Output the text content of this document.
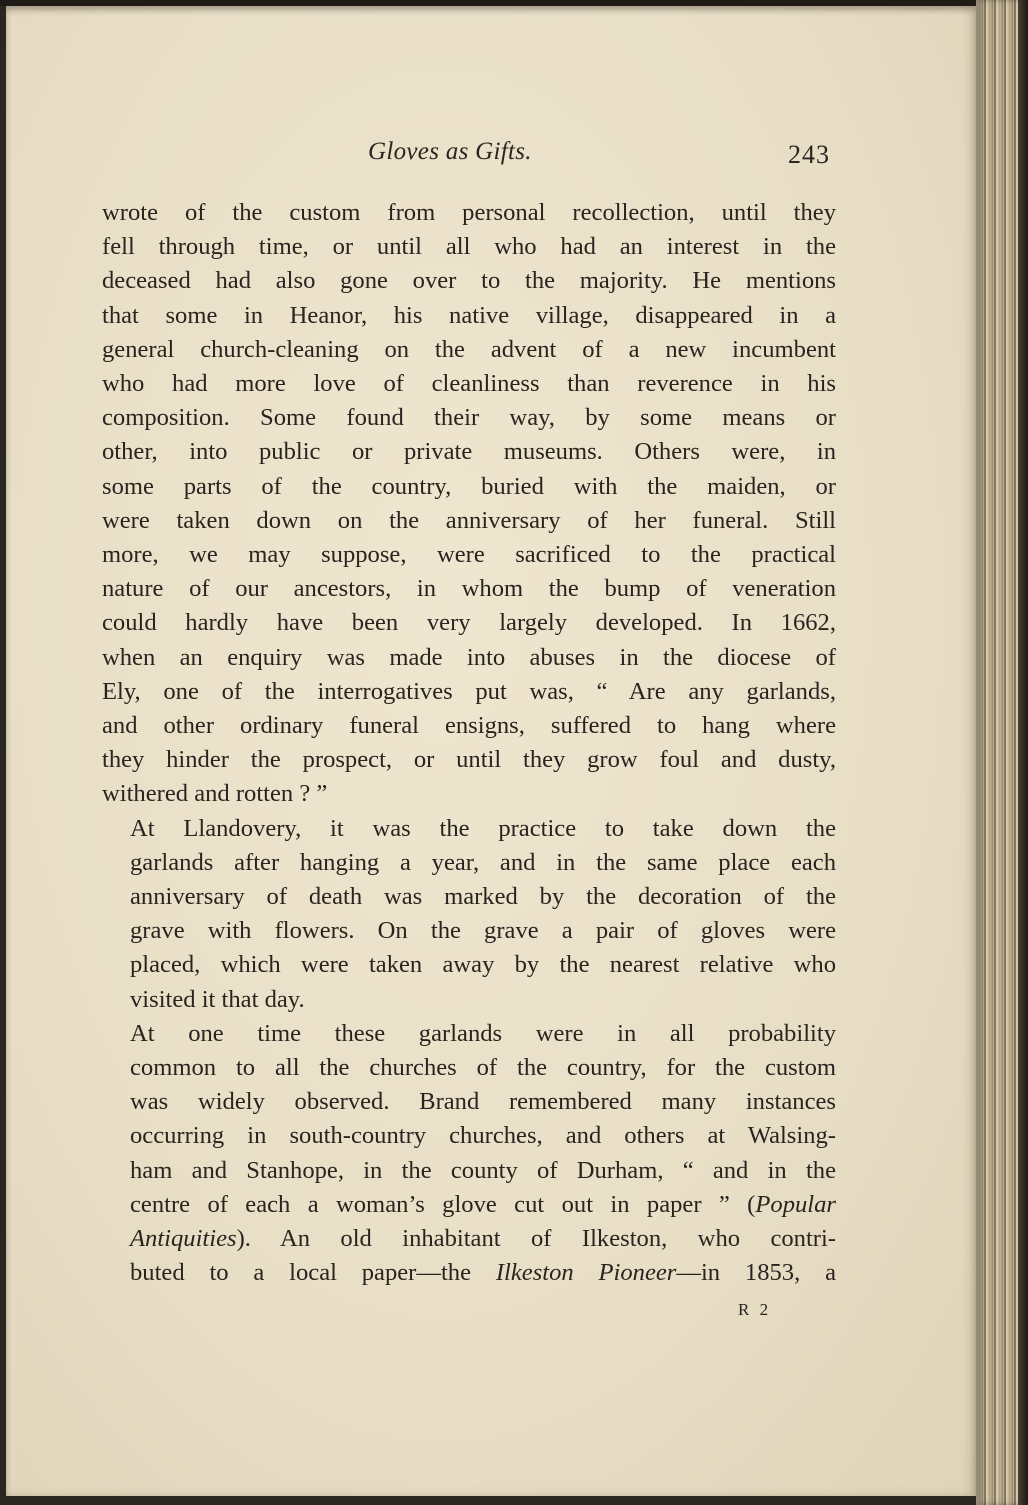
Gloves as Gifts.	243

wrote of the custom from personal recollection, until they
fell through time, or until all who had an interest in the
deceased had also gone over to the majority. He mentions
that some in Heanor, his native village, disappeared in a
general church-cleaning on the advent of a new incumbent
who had more love of cleanliness than reverence in his
composition. Some found their way, by some means or
other, into public or private museums. Others were, in
some parts of the country, buried with the maiden, or
were taken down on the anniversary of her funeral. Still
more, we may suppose, were sacrificed to the practical
nature of our ancestors, in whom the bump of veneration
could hardly have been very largely developed. In 1662,
when an enquiry was made into abuses in the diocese of
Ely, one of the interrogatives put was, “ Are any garlands,
and other ordinary funeral ensigns, suffered to hang where
they hinder the prospect, or until they grow foul and dusty,
withered and rotten ? ”

At Llandovery, it was the practice to take down the
garlands after hanging a year, and in the same place each
anniversary of death was marked by the decoration of the
grave with flowers. On the grave a pair of gloves were
placed, which were taken away by the nearest relative who
visited it that day.

At one time these garlands were in all probability
common to all the churches of the country, for the custom
was widely observed. Brand remembered many instances
occurring in south-country churches, and others at Walsing-
ham and Stanhope, in the county of Durham, “ and in the
centre of each a woman’s glove cut out in paper ” (Popular
Antiquities). An old inhabitant of Ilkeston, who contri-
buted to a local paper—the Ilkeston Pioneer—in 1853, a

R 2
